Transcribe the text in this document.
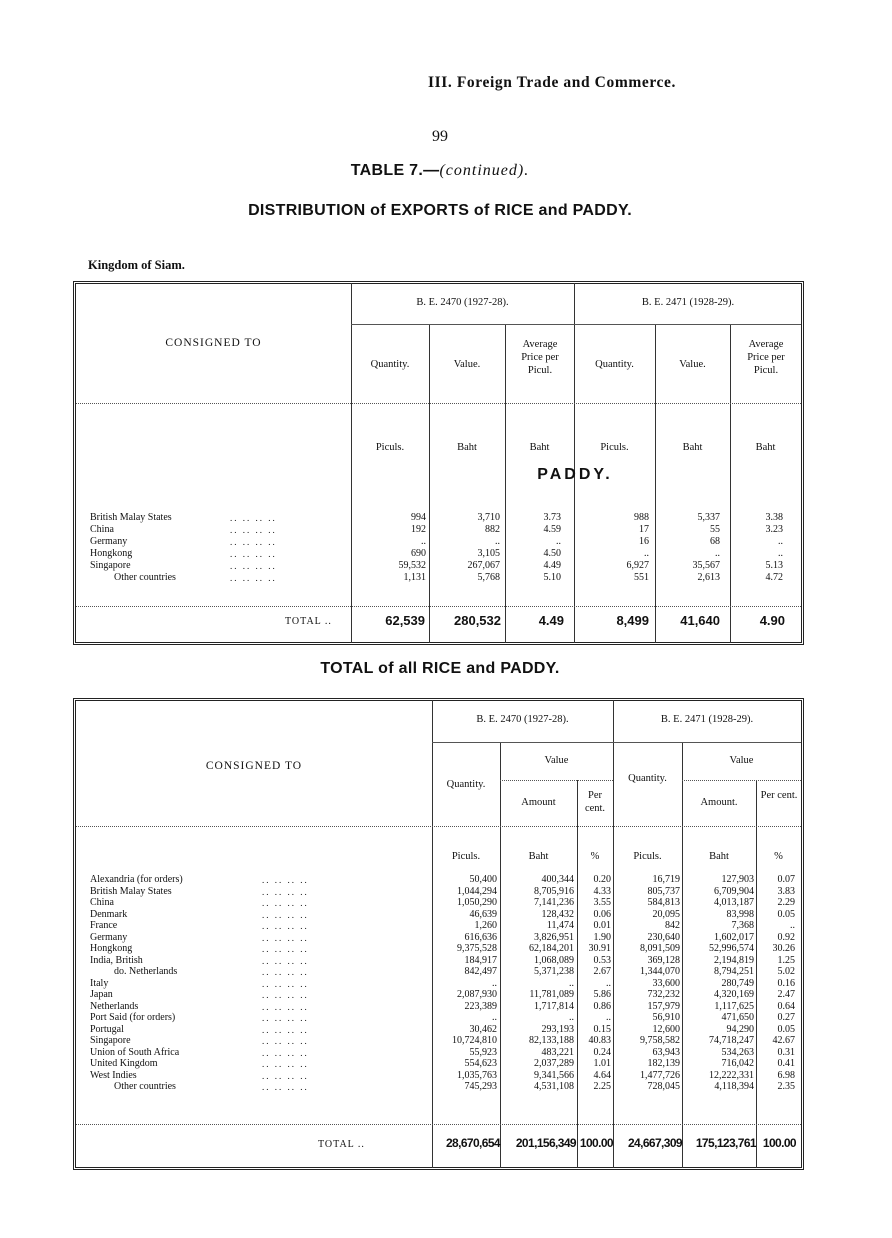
III. Foreign Trade and Commerce.
99
TABLE 7.—(continued).
DISTRIBUTION of EXPORTS of RICE and PADDY.
Kingdom of Siam.
CONSIGNED TO
B. E. 2470 (1927-28).	B. E. 2471 (1928-29).
Quantity.	Value.
Average Price per Picul.
Quantity.	Value.
Average Price per Picul.
Piculs.	Baht	Baht	Piculs.	Baht	Baht
PADDY.
British Malay States	.. .. .. ..	994	3,710	3.73	988	5,337	3.38
China	.. .. .. ..	192	882	4.59	17	55	3.23
Germany	.. .. .. ..	..	..	..	16	68	..
Hongkong	.. .. .. ..	690	3,105	4.50	..	..	..
Singapore	.. .. .. ..	59,532	267,067	4.49	6,927	35,567	5.13
Other countries	.. .. .. ..	1,131	5,768	5.10	551	2,613	4.72
TOTAL ..	62,539	280,532	4.49	8,499	41,640	4.90
TOTAL of all RICE and PADDY.
CONSIGNED TO
B. E. 2470 (1927-28).	B. E. 2471 (1928-29).
Quantity.
Value
Amount
Per cent.
Quantity.
Value
Amount.
Per cent.
Piculs.	Baht	%	Piculs.	Baht	%
Alexandria (for orders)	.. .. .. ..	50,400	400,344	0.20	16,719	127,903	0.07
British Malay States	.. .. .. ..	1,044,294	8,705,916	4.33	805,737	6,709,904	3.83
China	.. .. .. ..	1,050,290	7,141,236	3.55	584,813	4,013,187	2.29
Denmark	.. .. .. ..	46,639	128,432	0.06	20,095	83,998	0.05
France	.. .. .. ..	1,260	11,474	0.01	842	7,368	..
Germany	.. .. .. ..	616,636	3,826,951	1.90	230,640	1,602,017	0.92
Hongkong	.. .. .. ..	9,375,528	62,184,201	30.91	8,091,509	52,996,574	30.26
India, British	.. .. .. ..	184,917	1,068,089	0.53	369,128	2,194,819	1.25
do. Netherlands	.. .. .. ..	842,497	5,371,238	2.67	1,344,070	8,794,251	5.02
Italy	.. .. .. ..	..	..	..	33,600	280,749	0.16
Japan	.. .. .. ..	2,087,930	11,781,089	5.86	732,232	4,320,169	2.47
Netherlands	.. .. .. ..	223,389	1,717,814	0.86	157,979	1,117,625	0.64
Port Said (for orders)	.. .. .. ..	..	..	..	56,910	471,650	0.27
Portugal	.. .. .. ..	30,462	293,193	0.15	12,600	94,290	0.05
Singapore	.. .. .. ..	10,724,810	82,133,188	40.83	9,758,582	74,718,247	42.67
Union of South Africa	.. .. .. ..	55,923	483,221	0.24	63,943	534,263	0.31
United Kingdom	.. .. .. ..	554,623	2,037,289	1.01	182,139	716,042	0.41
West Indies	.. .. .. ..	1,035,763	9,341,566	4.64	1,477,726	12,222,331	6.98
Other countries	.. .. .. ..	745,293	4,531,108	2.25	728,045	4,118,394	2.35
TOTAL ..	28,670,654	201,156,349 100.00	24,667,309	175,123,761 100.00
